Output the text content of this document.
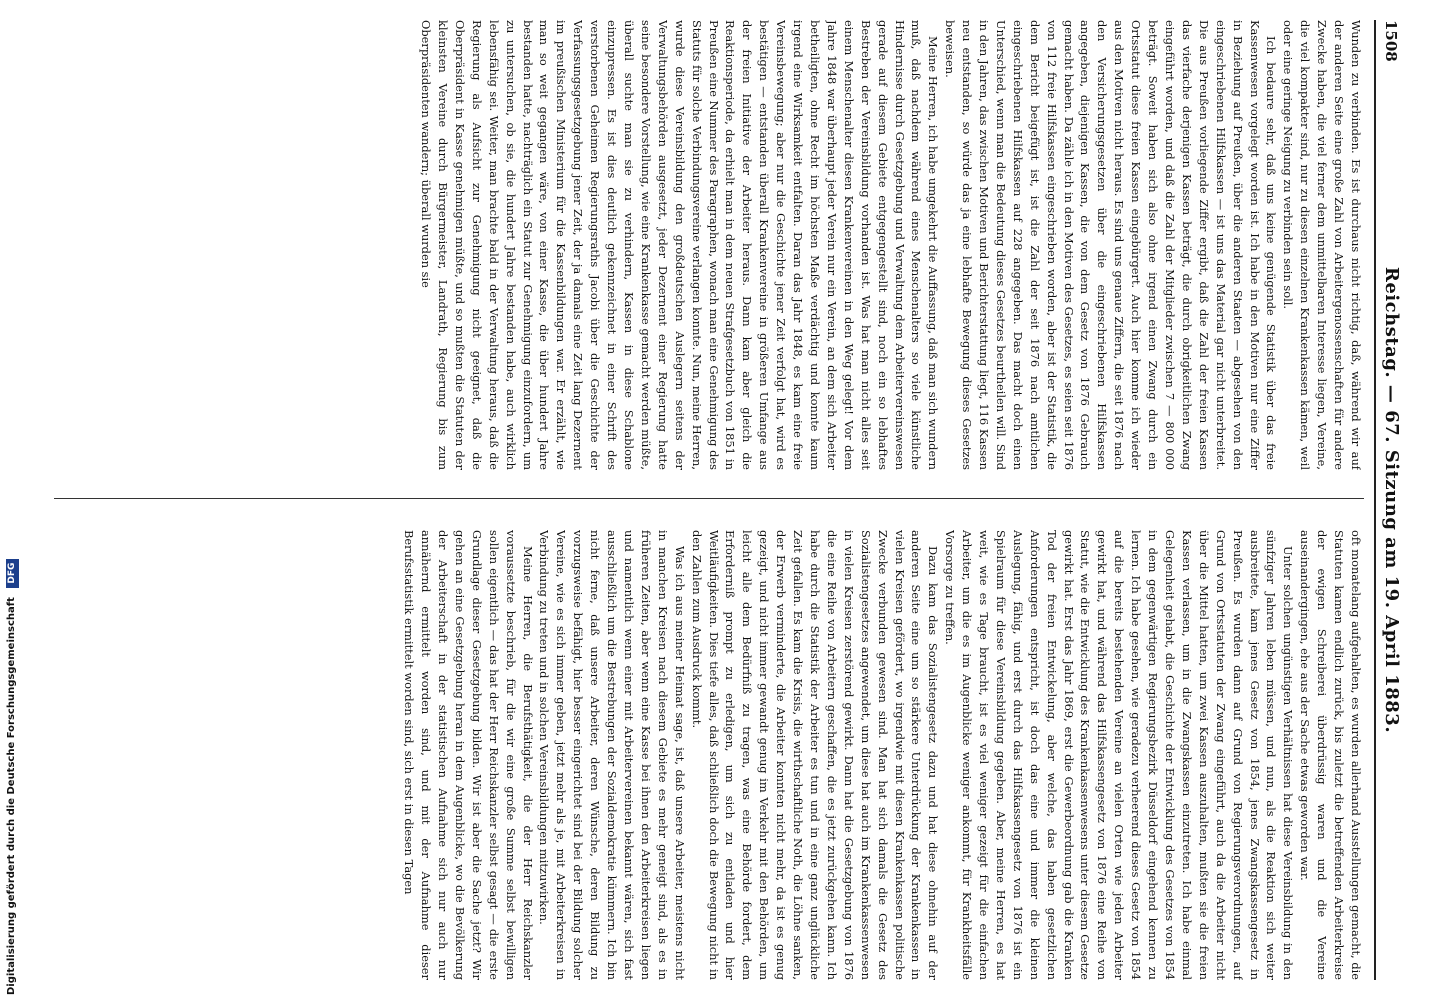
1508
Reichstag. — 67. Sitzung am 19. April 1883.

Wunden zu verbinden. Es ist durchaus nicht richtig, daß, während wir auf der anderen Seite eine große Zahl von Arbeitergenossenschaften für andere Zwecke haben, die viel ferner dem unmittelbaren Interesse liegen, Vereine, die viel kompakter sind, nur zu diesen einzelnen Krankenkassen kämen, weil oder eine geringe Neigung zu verbinden sein soll.

Ich bedaure sehr, daß uns keine genügende Statistik über das freie Kassenwesen vorgelegt worden ist. Ich habe in den Motiven nur eine Ziffer in Beziehung auf Preußen, über die anderen Staaten — abgesehen von den eingeschriebenen Hilfskassen — ist uns das Material gar nicht unterbreitet. Die aus Preußen vorliegende Ziffer ergibt, daß die Zahl der freien Kassen das vierfache derjenigen Kassen beträgt, die durch obrigkeitlichen Zwang eingeführt worden, und daß die Zahl der Mitglieder zwischen 7 — 800 000 beträgt. Soweit haben sich also ohne irgend einen Zwang durch ein Ortsstatut diese freien Kassen eingebürgert. Auch hier komme ich wieder aus den Motiven nicht heraus. Es sind uns genaue Ziffern, die seit 1876 nach den Versicherungsgesetzen über die eingeschriebenen Hilfskassen angegeben, diejenigen Kassen, die von dem Gesetz von 1876 Gebrauch gemacht haben. Da zähle ich in den Motiven des Gesetzes, es seien seit 1876 von 112 freie Hilfskassen eingeschrieben worden, aber ist der Statistik, die dem Bericht beigefügt ist, ist die Zahl der seit 1876 nach amtlichen eingeschriebenen Hilfskassen auf 228 angegeben. Das macht doch einen Unterschied, wenn man die Bedeutung dieses Gesetzes beurtheilen will. Sind in den Jahren, das zwischen Motiven und Berichterstattung liegt, 116 Kassen neu entstanden, so würde das ja eine lebhafte Bewegung dieses Gesetzes beweisen.

Meine Herren, ich habe umgekehrt die Auffassung, daß man sich wundern muß, daß nachdem während eines Menschenalters so viele künstliche Hindernisse durch Gesetzgebung und Verwaltung dem Arbeitervereinswesen gerade auf diesem Gebiete entgegengestellt sind, noch ein so lebhaftes Bestreben der Vereinsbildung vorhanden ist. Was hat man nicht alles seit einem Menschenalter diesen Krankenvereinen in den Weg gelegt! Vor dem Jahre 1848 war überhaupt jeder Verein nur ein Verein, an dem sich Arbeiter betheiligten, ohne Recht im höchsten Maße verdächtig und konnte kaum irgend eine Wirksamkeit entfalten. Daran das Jahr 1848, es kam eine freie Vereinsbewegung; aber nur die Geschichte jener Zeit verfolgt hat, wird es bestätigen — entstanden überall Krankenvereine in größeren Umfange aus der freien Initiative der Arbeiter heraus. Dann kam aber gleich die Reaktionsperiode, da erhielt man in dem neuen Strafgesetzbuch von 1851 in Preußen eine Nummer des Paragraphen, wonach man eine Genehmigung des Statuts für solche Verbindungsvereine verlangen konnte. Nun, meine Herren, wurde diese Vereinsbildung den großdeutschen Auslegern seitens der Verwaltungsbehörden ausgesetzt, jeder Dezernent einer Regierung hatte seine besondere Vorstellung, wie eine Krankenkasse gemacht werden müßte, überall suchte man sie zu verhindern, Kassen in diese Schablone einzupressen. Es ist dies deutlich gekennzeichnet in einer Schrift des verstorbenen Geheimen Regierungsraths Jacobi über die Geschichte der Verfassungsgesetzgebung jener Zeit, der ja damals eine Zeit lang Dezernent im preußischen Ministerium für die Kassenbildungen war. Er erzählt, wie man so weit gegangen wäre, von einer Kasse, die über hundert Jahre bestanden hatte, nachträglich ein Statut zur Genehmigung einzufordern, um zu untersuchen, ob sie, die hundert Jahre bestanden habe, auch wirklich lebensfähig sei. Weiter, man brachte bald in der Verwaltung heraus, daß die Regierung als Aufsicht zur Genehmigung nicht geeignet, daß die Oberpräsident in Kasse genehmigen müßte, und so mußten die Statuten der kleinsten Vereine durch Bürgermeister, Landrath, Regierung bis zum Oberpräsidenten wandern; überall wurden sie

oft monatelang aufgehalten, es wurden allerhand Ausstellungen gemacht, die Statuten kamen endlich zurück, bis zuletzt die betreffenden Arbeiterkreise der ewigen Schreiberei überdrüssig waren und die Vereine auseinandergingen, ehe aus der Sache etwas geworden war.

Unter solchen ungünstigen Verhältnissen hat diese Vereinsbildung in den sünfziger Jahren leben müssen, und nun, als die Reaktion sich weiter ausbreitete, kam jenes Gesetz von 1854, jenes Zwangskassengesetz in Preußen. Es wurden dann auf Grund von Regierungsverordnungen, auf Grund von Ortsstatuten der Zwang eingeführt, auch da die Arbeiter nicht über die Mittel hatten, um zwei Kassen auszuhalten, mußten sie die freien Kassen verlassen, um in die Zwangskassen einzutreten. Ich habe einmal Gelegenheit gehabt, die Geschichte der Entwicklung des Gesetzes von 1854 in dem gegenwärtigen Regierungsbezirk Düsseldorf eingehend kennen zu lernen. Ich habe gesehen, wie geradezu verheerend dieses Gesetz von 1854 auf die bereits bestehenden Vereine an vielen Orten wie jeden Arbeiter gewirkt hat, und während das Hilfskassengesetz von 1876 eine Reihe von Statut, wie die Entwicklung des Krankenkassenwesens unter diesem Gesetze gewirkt hat. Erst das Jahr 1869, erst die Gewerbeordnung gab die Kranken Tod der freien Entwickelung, aber welche, das haben gesetzlichen Anforderungen entspricht, ist doch das eine und immer die kleinen Auslegung, fähig, und erst durch das Hilfskassengesetz von 1876 ist ein Spielraum für diese Vereinsbildung gegeben. Aber, meine Herren, es hat weit, wie es Tage braucht, ist es viel weniger gezeigt für die einfachen Arbeiter, um die es im Augenblicke weniger ankommt, für Krankheitsfälle Vorsorge zu treffen.

Dazu kam das Sozialistengesetz dazu und hat diese ohnehin auf der anderen Seite eine um so stärkere Unterdrückung der Krankenkassen in vielen Kreisen gefördert, wo irgendwie mit diesen Krankenkassen politische Zwecke verbunden gewesen sind. Man hat sich damals die Gesetz des Sozialistengesetzes angewendet, um diese hat auch im Krankenkassenwesen in vielen Kreisen zerstörend gewirkt. Dann hat die Gesetzgebung von 1876 die eine Reihe von Arbeitern geschaffen, die es jetzt zurückgehen kann. Ich habe durch die Statistik der Arbeiter es tun und in eine ganz unglückliche Zeit gefallen. Es kam die Krisis, die wirthschaftliche Noth, die Löhne sanken, der Erwerb verminderte, die Arbeiter konnten nicht mehr, da ist es genug gezeigt, und nicht immer gewandt genug im Verkehr mit den Behörden, um leicht alle dem Bedürfniß zu tragen, was eine Behörde fordert, dem Erforderniß prompt zu erledigen, um sich zu entladen und hier Weitläufigkeiten. Dies tiefe alles, daß schließlich doch die Bewegung nicht in den Zahlen zum Ausdruck kommt.

Was ich aus meiner Heimat sage, ist, daß unsere Arbeiter, meistens nicht in manchen Kreisen nach diesem Gebiete es mehr geneigt sind, als es in früheren Zeiten, aber wenn eine Kasse bei ihnen den Arbeiterkreisen liegen und namentlich wenn einer mit Arbeitervereinen bekannt wären, sich fast ausschließlich um die Bestrebungen der Sozialdemokratie kümmern. Ich bin nicht ferne, daß unsere Arbeiter, deren Wünsche, deren Bildung zu vorzugsweise befähigt, hier besser eingerichtet sind bei der Bildung solcher Vereine, wie es sich immer geben, jetzt mehr als je, mit Arbeiterkreisen in Verbindung zu treten und in solchen Vereinsbildungen mitzuwirken.

Meine Herren, die Berufsthätigkeit, die der Herr Reichskanzler voraussetzte beschrieb, für die wir eine große Summe selbst bewilligen sollen eigentlich — das hat der Herr Reichskanzler selbst gesagt — die erste Grundlage dieser Gesetzgebung bilden. Wir ist aber die Sache jetzt? Wir gehen an eine Gesetzgebung heran in dem Augenblicke, wo die Bevölkerung der Arbeiterschaft in der statistischen Aufnahme sich nur auch nur annähernd ermittelt worden sind, und mit der Aufnahme dieser Berufsstatistik ermittelt worden sind, sich erst in diesen Tagen

Digitalisierung gefördert durch die Deutsche Forschungsgemeinschaft DFG
